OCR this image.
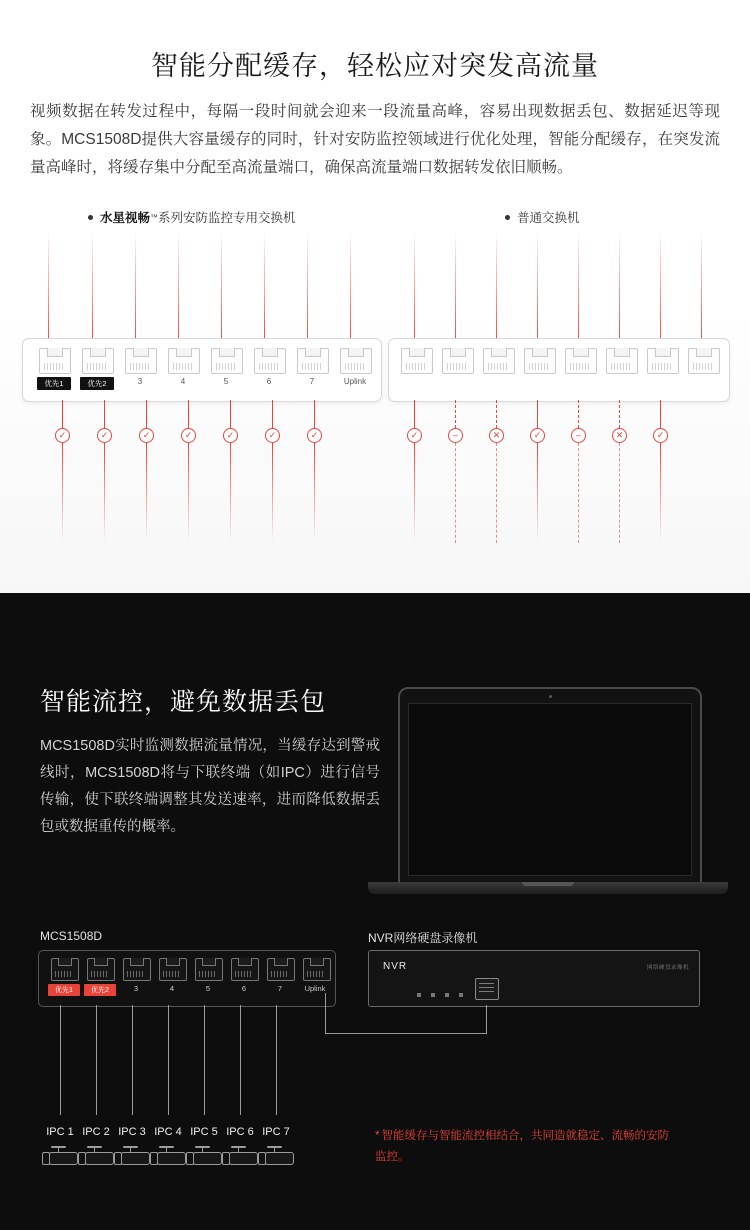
智能分配缓存，轻松应对突发高流量
视频数据在转发过程中，每隔一段时间就会迎来一段流量高峰，容易出现数据丢包、数据延迟等现象。MCS1508D提供大容量缓存的同时，针对安防监控领域进行优化处理，智能分配缓存，在突发流量高峰时，将缓存集中分配至高流量端口，确保高流量端口数据转发依旧顺畅。
水星视畅 ™ 系列安防监控专用交换机	普通交换机
优先1	优先2	3	4	5	6	7	Uplink
✓	✓	✓	✓	✓	✓	✓	✓	–	✕	✓	–	✕	✓
智能流控，避免数据丢包
MCS1508D实时监测数据流量情况，当缓存达到警戒线时，MCS1508D将与下联终端（如IPC）进行信号传输，使下联终端调整其发送速率，进而降低数据丢包或数据重传的概率。
MCS1508D	NVR网络硬盘录像机
优先1	优先2	3	4	5	6	7	Uplink
NVR	网络硬盘录像机
IPC 1 IPC 2 IPC 3 IPC 4 IPC 5 IPC 6 IPC 7	* 智能缓存与智能流控相结合，共同造就稳定、流畅的安防监控。
